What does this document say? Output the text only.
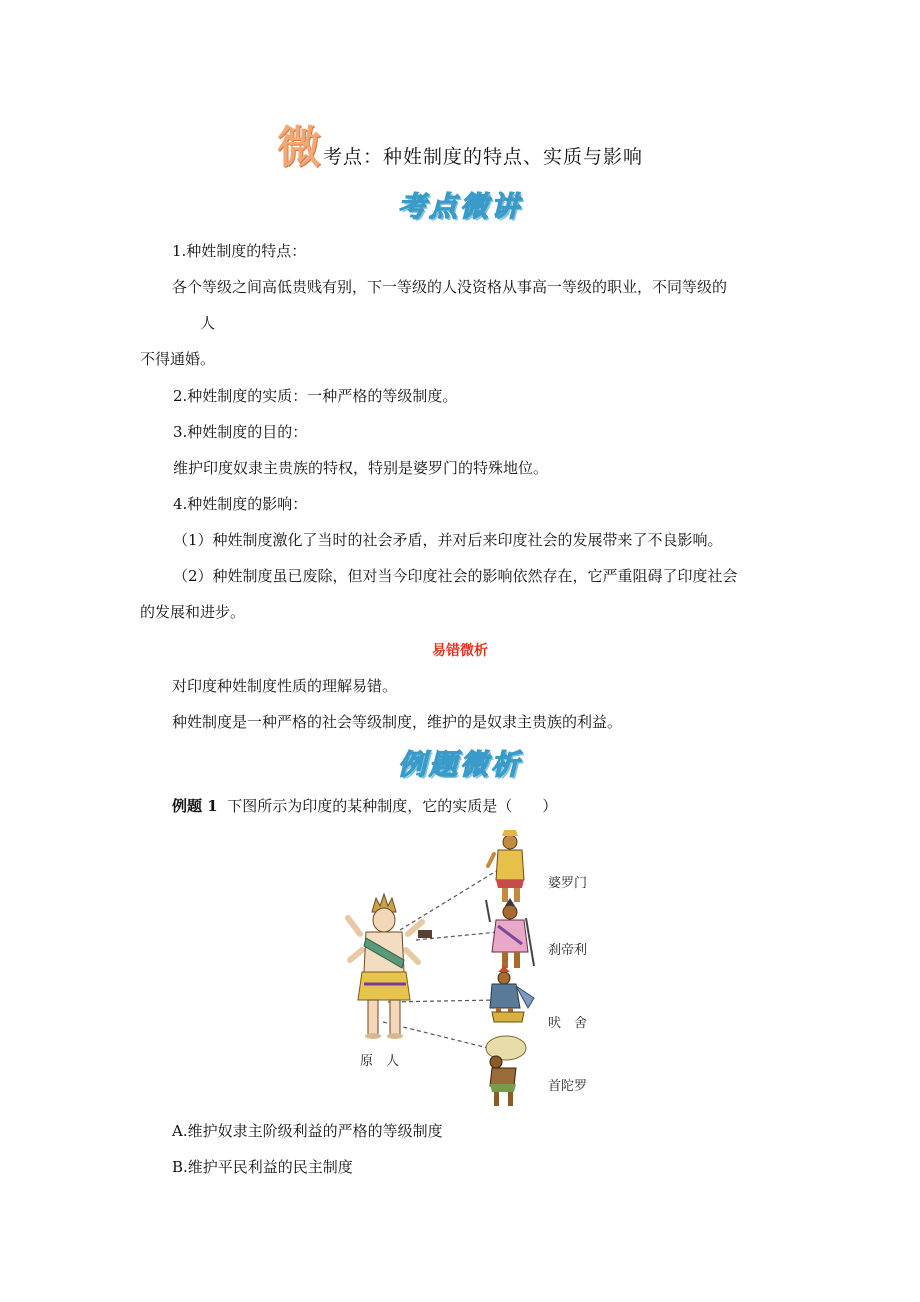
微 考点：种姓制度的特点、实质与影响
考点微讲
1.种姓制度的特点：
各个等级之间高低贵贱有别，下一等级的人没资格从事高一等级的职业，不同等级的
人
不得通婚。
2.种姓制度的实质：一种严格的等级制度。
3.种姓制度的目的：
维护印度奴隶主贵族的特权，特别是婆罗门的特殊地位。
4.种姓制度的影响：
（1）种姓制度激化了当时的社会矛盾，并对后来印度社会的发展带来了不良影响。
（2）种姓制度虽已废除，但对当今印度社会的影响依然存在，它严重阻碍了印度社会
的发展和进步。
易错微析
对印度种姓制度性质的理解易错。
种姓制度是一种严格的社会等级制度，维护的是奴隶主贵族的利益。
例题微析
例题 1 下图所示为印度的某种制度，它的实质是（　　）
原　人
婆罗门
刹帝利
吠　舍
首陀罗
A.维护奴隶主阶级利益的严格的等级制度
B.维护平民利益的民主制度
